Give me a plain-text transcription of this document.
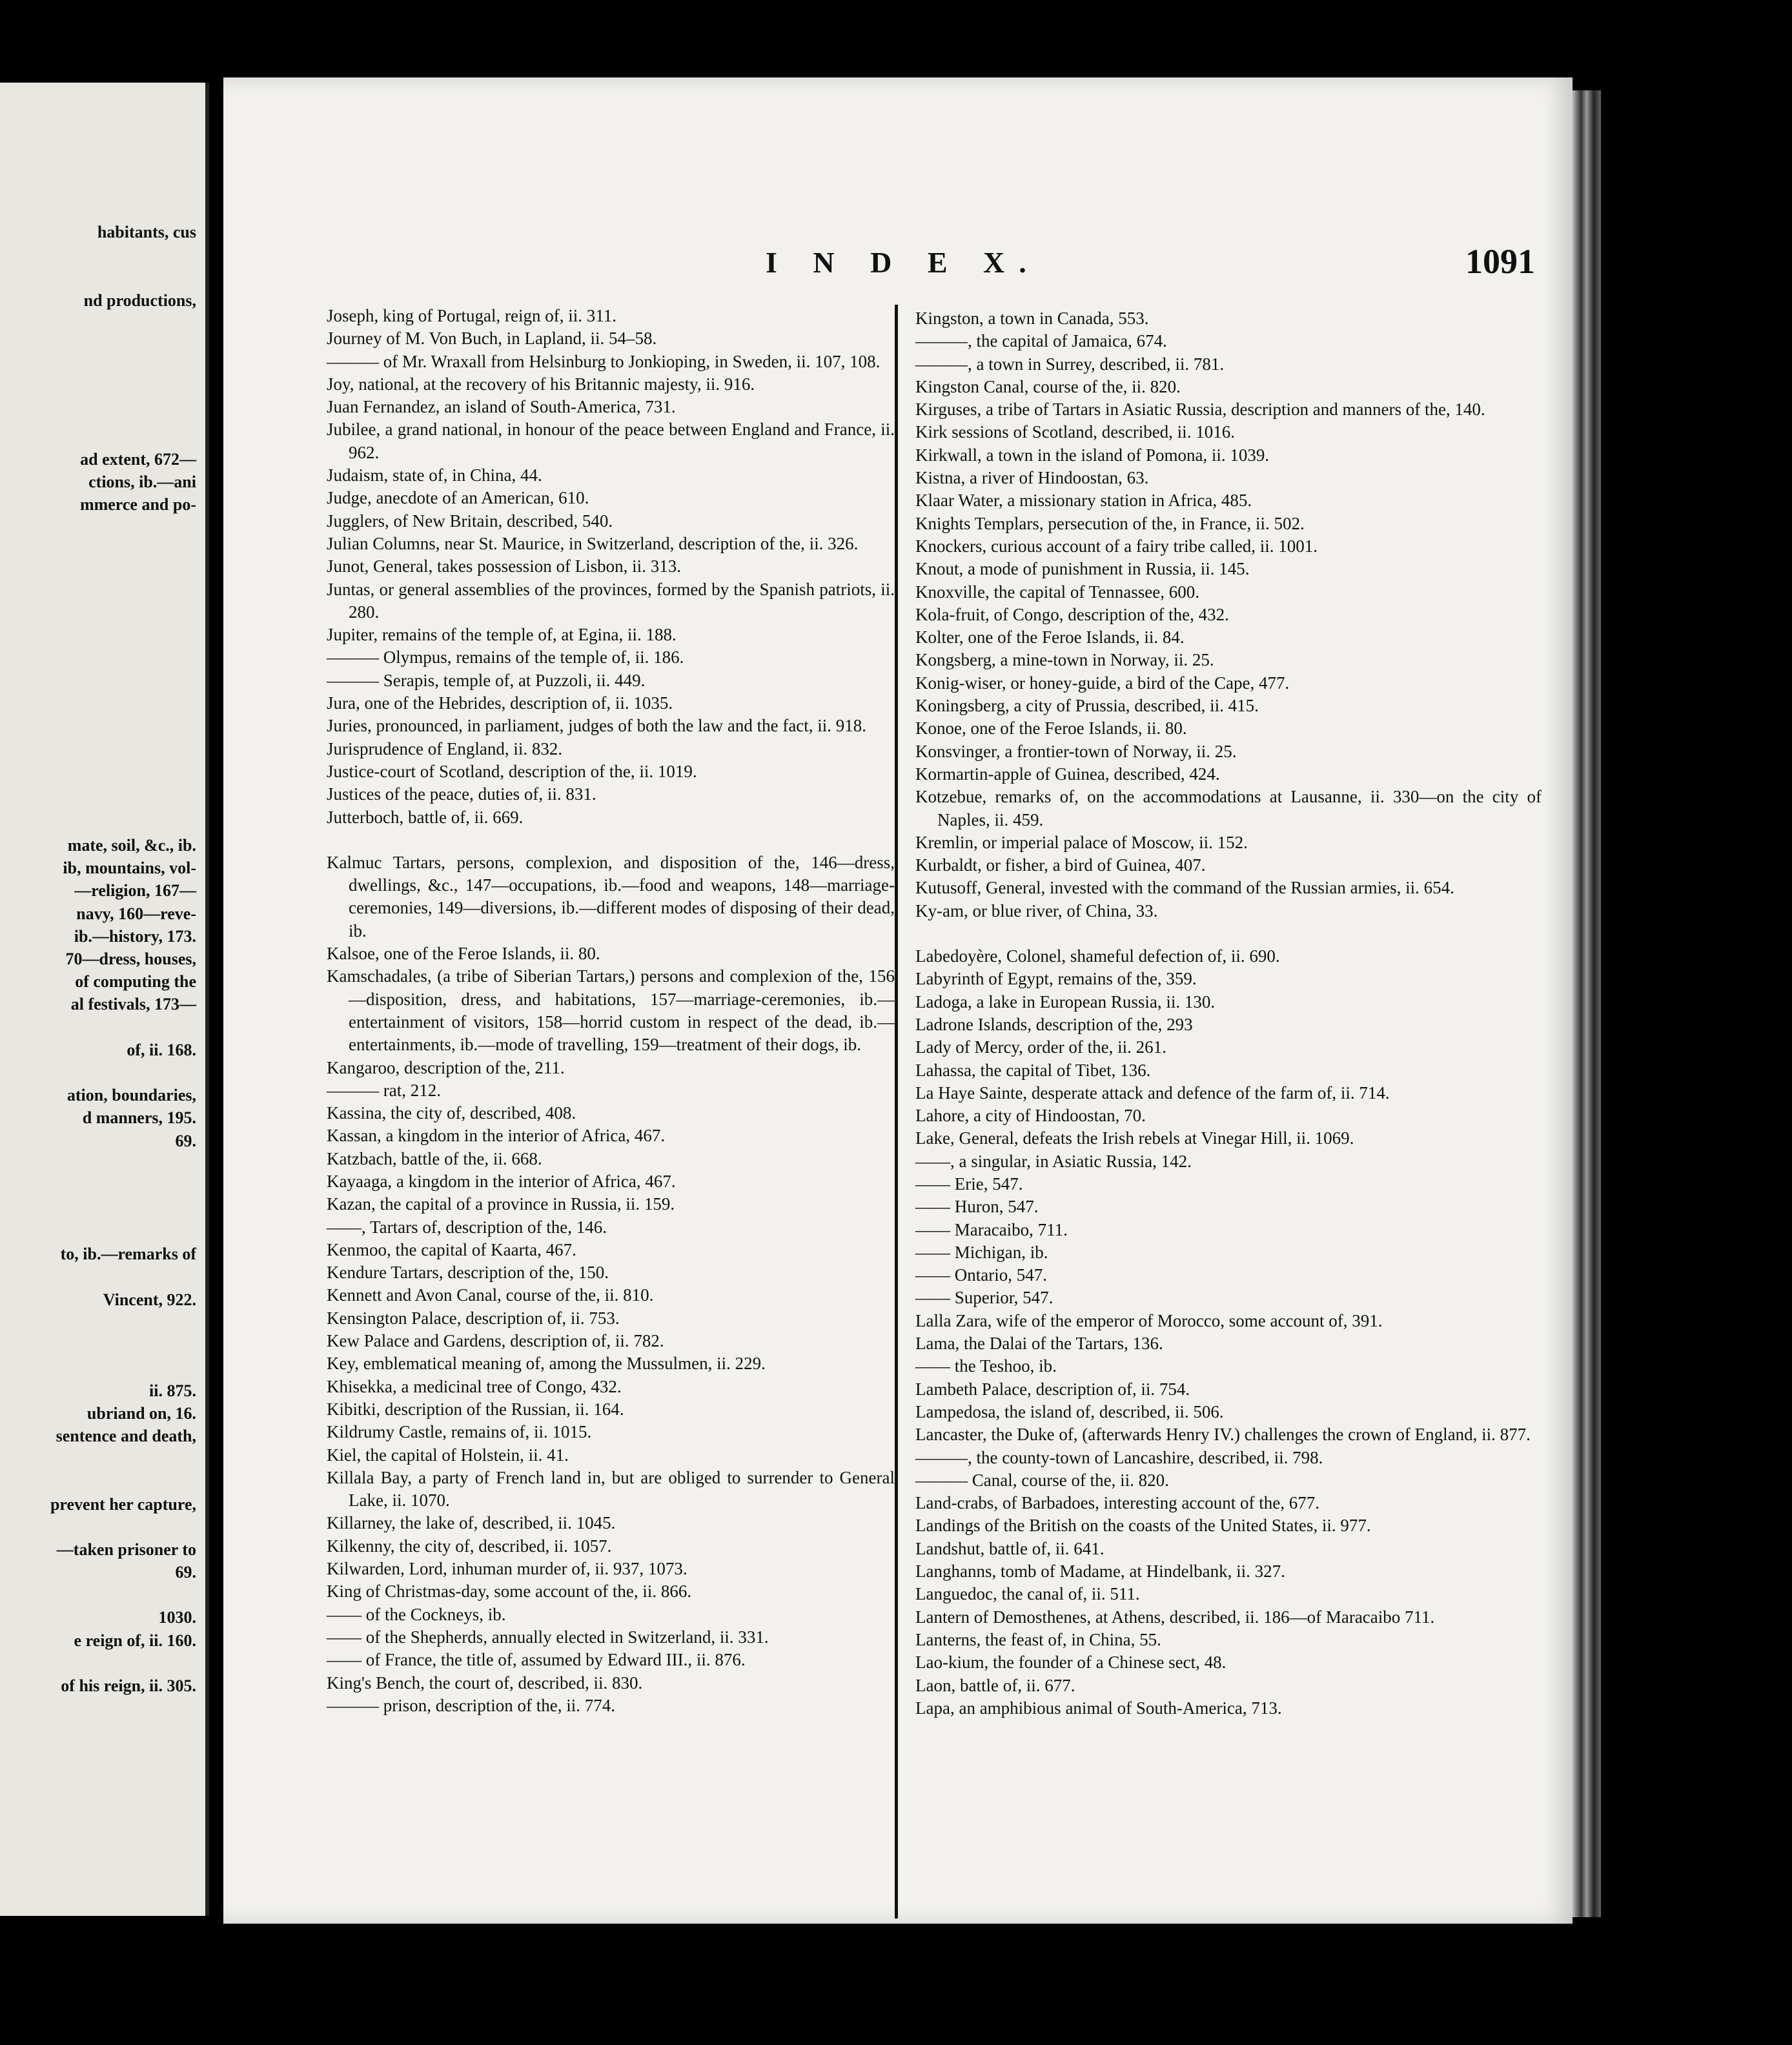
habitants, cus
nd productions,
ad extent, 672—
ctions, ib.—ani
mmerce and po-
mate, soil, &c., ib.
ib, mountains, vol-
—religion, 167—
navy, 160—reve-
ib.—history, 173.
70—dress, houses,
of computing the
al festivals, 173—
of, ii. 168.
ation, boundaries,
d manners, 195.
69.
to, ib.—remarks of
Vincent, 922.
ii. 875.
ubriand on, 16.
sentence and death,
prevent her capture,
—taken prisoner to
69.
1030.
e reign of, ii. 160.
of his reign, ii. 305.
I N D E X.	1091
Joseph, king of Portugal, reign of, ii. 311.
Journey of M. Von Buch, in Lapland, ii. 54–58.
——— of Mr. Wraxall from Helsinburg to Jonkioping, in Sweden, ii. 107, 108.
Joy, national, at the recovery of his Britannic majesty, ii. 916.
Juan Fernandez, an island of South-America, 731.
Jubilee, a grand national, in honour of the peace between England and France, ii. 962.
Judaism, state of, in China, 44.
Judge, anecdote of an American, 610.
Jugglers, of New Britain, described, 540.
Julian Columns, near St. Maurice, in Switzerland, description of the, ii. 326.
Junot, General, takes possession of Lisbon, ii. 313.
Juntas, or general assemblies of the provinces, formed by the Spanish patriots, ii. 280.
Jupiter, remains of the temple of, at Egina, ii. 188.
——— Olympus, remains of the temple of, ii. 186.
——— Serapis, temple of, at Puzzoli, ii. 449.
Jura, one of the Hebrides, description of, ii. 1035.
Juries, pronounced, in parliament, judges of both the law and the fact, ii. 918.
Jurisprudence of England, ii. 832.
Justice-court of Scotland, description of the, ii. 1019.
Justices of the peace, duties of, ii. 831.
Jutterboch, battle of, ii. 669.
Kalmuc Tartars, persons, complexion, and disposition of the, 146—dress, dwellings, &c., 147—occupations, ib.—food and weapons, 148—marriage-ceremonies, 149—diversions, ib.—different modes of disposing of their dead, ib.
Kalsoe, one of the Feroe Islands, ii. 80.
Kamschadales, (a tribe of Siberian Tartars,) persons and complexion of the, 156—disposition, dress, and habitations, 157—marriage-ceremonies, ib.—entertainment of visitors, 158—horrid custom in respect of the dead, ib.—entertainments, ib.—mode of travelling, 159—treatment of their dogs, ib.
Kangaroo, description of the, 211.
——— rat, 212.
Kassina, the city of, described, 408.
Kassan, a kingdom in the interior of Africa, 467.
Katzbach, battle of the, ii. 668.
Kayaaga, a kingdom in the interior of Africa, 467.
Kazan, the capital of a province in Russia, ii. 159.
——, Tartars of, description of the, 146.
Kenmoo, the capital of Kaarta, 467.
Kendure Tartars, description of the, 150.
Kennett and Avon Canal, course of the, ii. 810.
Kensington Palace, description of, ii. 753.
Kew Palace and Gardens, description of, ii. 782.
Key, emblematical meaning of, among the Mussulmen, ii. 229.
Khisekka, a medicinal tree of Congo, 432.
Kibitki, description of the Russian, ii. 164.
Kildrumy Castle, remains of, ii. 1015.
Kiel, the capital of Holstein, ii. 41.
Killala Bay, a party of French land in, but are obliged to surrender to General Lake, ii. 1070.
Killarney, the lake of, described, ii. 1045.
Kilkenny, the city of, described, ii. 1057.
Kilwarden, Lord, inhuman murder of, ii. 937, 1073.
King of Christmas-day, some account of the, ii. 866.
—— of the Cockneys, ib.
—— of the Shepherds, annually elected in Switzerland, ii. 331.
—— of France, the title of, assumed by Edward III., ii. 876.
King's Bench, the court of, described, ii. 830.
——— prison, description of the, ii. 774.
Kingston, a town in Canada, 553.
———, the capital of Jamaica, 674.
———, a town in Surrey, described, ii. 781.
Kingston Canal, course of the, ii. 820.
Kirguses, a tribe of Tartars in Asiatic Russia, description and manners of the, 140.
Kirk sessions of Scotland, described, ii. 1016.
Kirkwall, a town in the island of Pomona, ii. 1039.
Kistna, a river of Hindoostan, 63.
Klaar Water, a missionary station in Africa, 485.
Knights Templars, persecution of the, in France, ii. 502.
Knockers, curious account of a fairy tribe called, ii. 1001.
Knout, a mode of punishment in Russia, ii. 145.
Knoxville, the capital of Tennassee, 600.
Kola-fruit, of Congo, description of the, 432.
Kolter, one of the Feroe Islands, ii. 84.
Kongsberg, a mine-town in Norway, ii. 25.
Konig-wiser, or honey-guide, a bird of the Cape, 477.
Koningsberg, a city of Prussia, described, ii. 415.
Konoe, one of the Feroe Islands, ii. 80.
Konsvinger, a frontier-town of Norway, ii. 25.
Kormartin-apple of Guinea, described, 424.
Kotzebue, remarks of, on the accommodations at Lausanne, ii. 330—on the city of Naples, ii. 459.
Kremlin, or imperial palace of Moscow, ii. 152.
Kurbaldt, or fisher, a bird of Guinea, 407.
Kutusoff, General, invested with the command of the Russian armies, ii. 654.
Ky-am, or blue river, of China, 33.
Labedoyère, Colonel, shameful defection of, ii. 690.
Labyrinth of Egypt, remains of the, 359.
Ladoga, a lake in European Russia, ii. 130.
Ladrone Islands, description of the, 293
Lady of Mercy, order of the, ii. 261.
Lahassa, the capital of Tibet, 136.
La Haye Sainte, desperate attack and defence of the farm of, ii. 714.
Lahore, a city of Hindoostan, 70.
Lake, General, defeats the Irish rebels at Vinegar Hill, ii. 1069.
——, a singular, in Asiatic Russia, 142.
—— Erie, 547.
—— Huron, 547.
—— Maracaibo, 711.
—— Michigan, ib.
—— Ontario, 547.
—— Superior, 547.
Lalla Zara, wife of the emperor of Morocco, some account of, 391.
Lama, the Dalai of the Tartars, 136.
—— the Teshoo, ib.
Lambeth Palace, description of, ii. 754.
Lampedosa, the island of, described, ii. 506.
Lancaster, the Duke of, (afterwards Henry IV.) challenges the crown of England, ii. 877.
———, the county-town of Lancashire, described, ii. 798.
——— Canal, course of the, ii. 820.
Land-crabs, of Barbadoes, interesting account of the, 677.
Landings of the British on the coasts of the United States, ii. 977.
Landshut, battle of, ii. 641.
Langhanns, tomb of Madame, at Hindelbank, ii. 327.
Languedoc, the canal of, ii. 511.
Lantern of Demosthenes, at Athens, described, ii. 186—of Maracaibo 711.
Lanterns, the feast of, in China, 55.
Lao-kium, the founder of a Chinese sect, 48.
Laon, battle of, ii. 677.
Lapa, an amphibious animal of South-America, 713.
